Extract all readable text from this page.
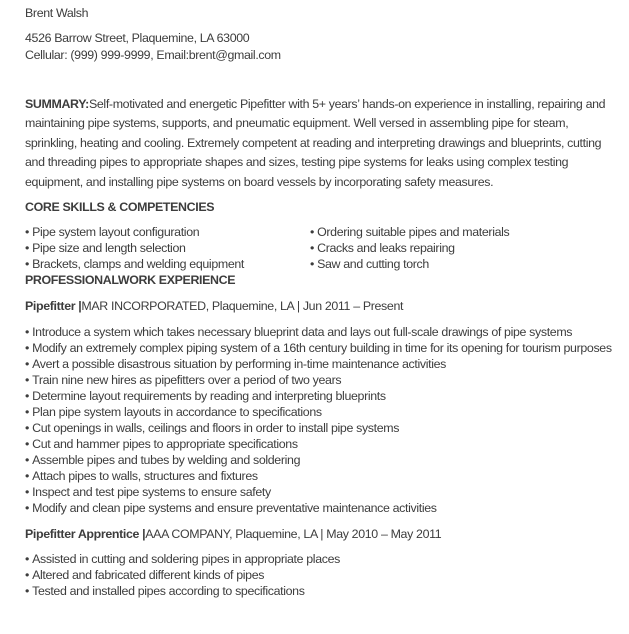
Brent Walsh
4526 Barrow Street, Plaquemine, LA 63000
Cellular: (999) 999-9999, Email:brent@gmail.com

SUMMARY:Self-motivated and energetic Pipefitter with 5+ years’ hands-on experience in installing, repairing and maintaining pipe systems, supports, and pneumatic equipment. Well versed in assembling pipe for steam, sprinkling, heating and cooling. Extremely competent at reading and interpreting drawings and blueprints, cutting and threading pipes to appropriate shapes and sizes, testing pipe systems for leaks using complex testing equipment, and installing pipe systems on board vessels by incorporating safety measures.

CORE SKILLS & COMPETENCIES
• Pipe system layout configuration
• Pipe size and length selection
• Brackets, clamps and welding equipment
• Ordering suitable pipes and materials
• Cracks and leaks repairing
• Saw and cutting torch
PROFESSIONALWORK EXPERIENCE

Pipefitter |MAR INCORPORATED, Plaquemine, LA | Jun 2011 – Present

• Introduce a system which takes necessary blueprint data and lays out full-scale drawings of pipe systems
• Modify an extremely complex piping system of a 16th century building in time for its opening for tourism purposes
• Avert a possible disastrous situation by performing in-time maintenance activities
• Train nine new hires as pipefitters over a period of two years
• Determine layout requirements by reading and interpreting blueprints
• Plan pipe system layouts in accordance to specifications
• Cut openings in walls, ceilings and floors in order to install pipe systems
• Cut and hammer pipes to appropriate specifications
• Assemble pipes and tubes by welding and soldering
• Attach pipes to walls, structures and fixtures
• Inspect and test pipe systems to ensure safety
• Modify and clean pipe systems and ensure preventative maintenance activities

Pipefitter Apprentice |AAA COMPANY, Plaquemine, LA | May 2010 – May 2011

• Assisted in cutting and soldering pipes in appropriate places
• Altered and fabricated different kinds of pipes
• Tested and installed pipes according to specifications
